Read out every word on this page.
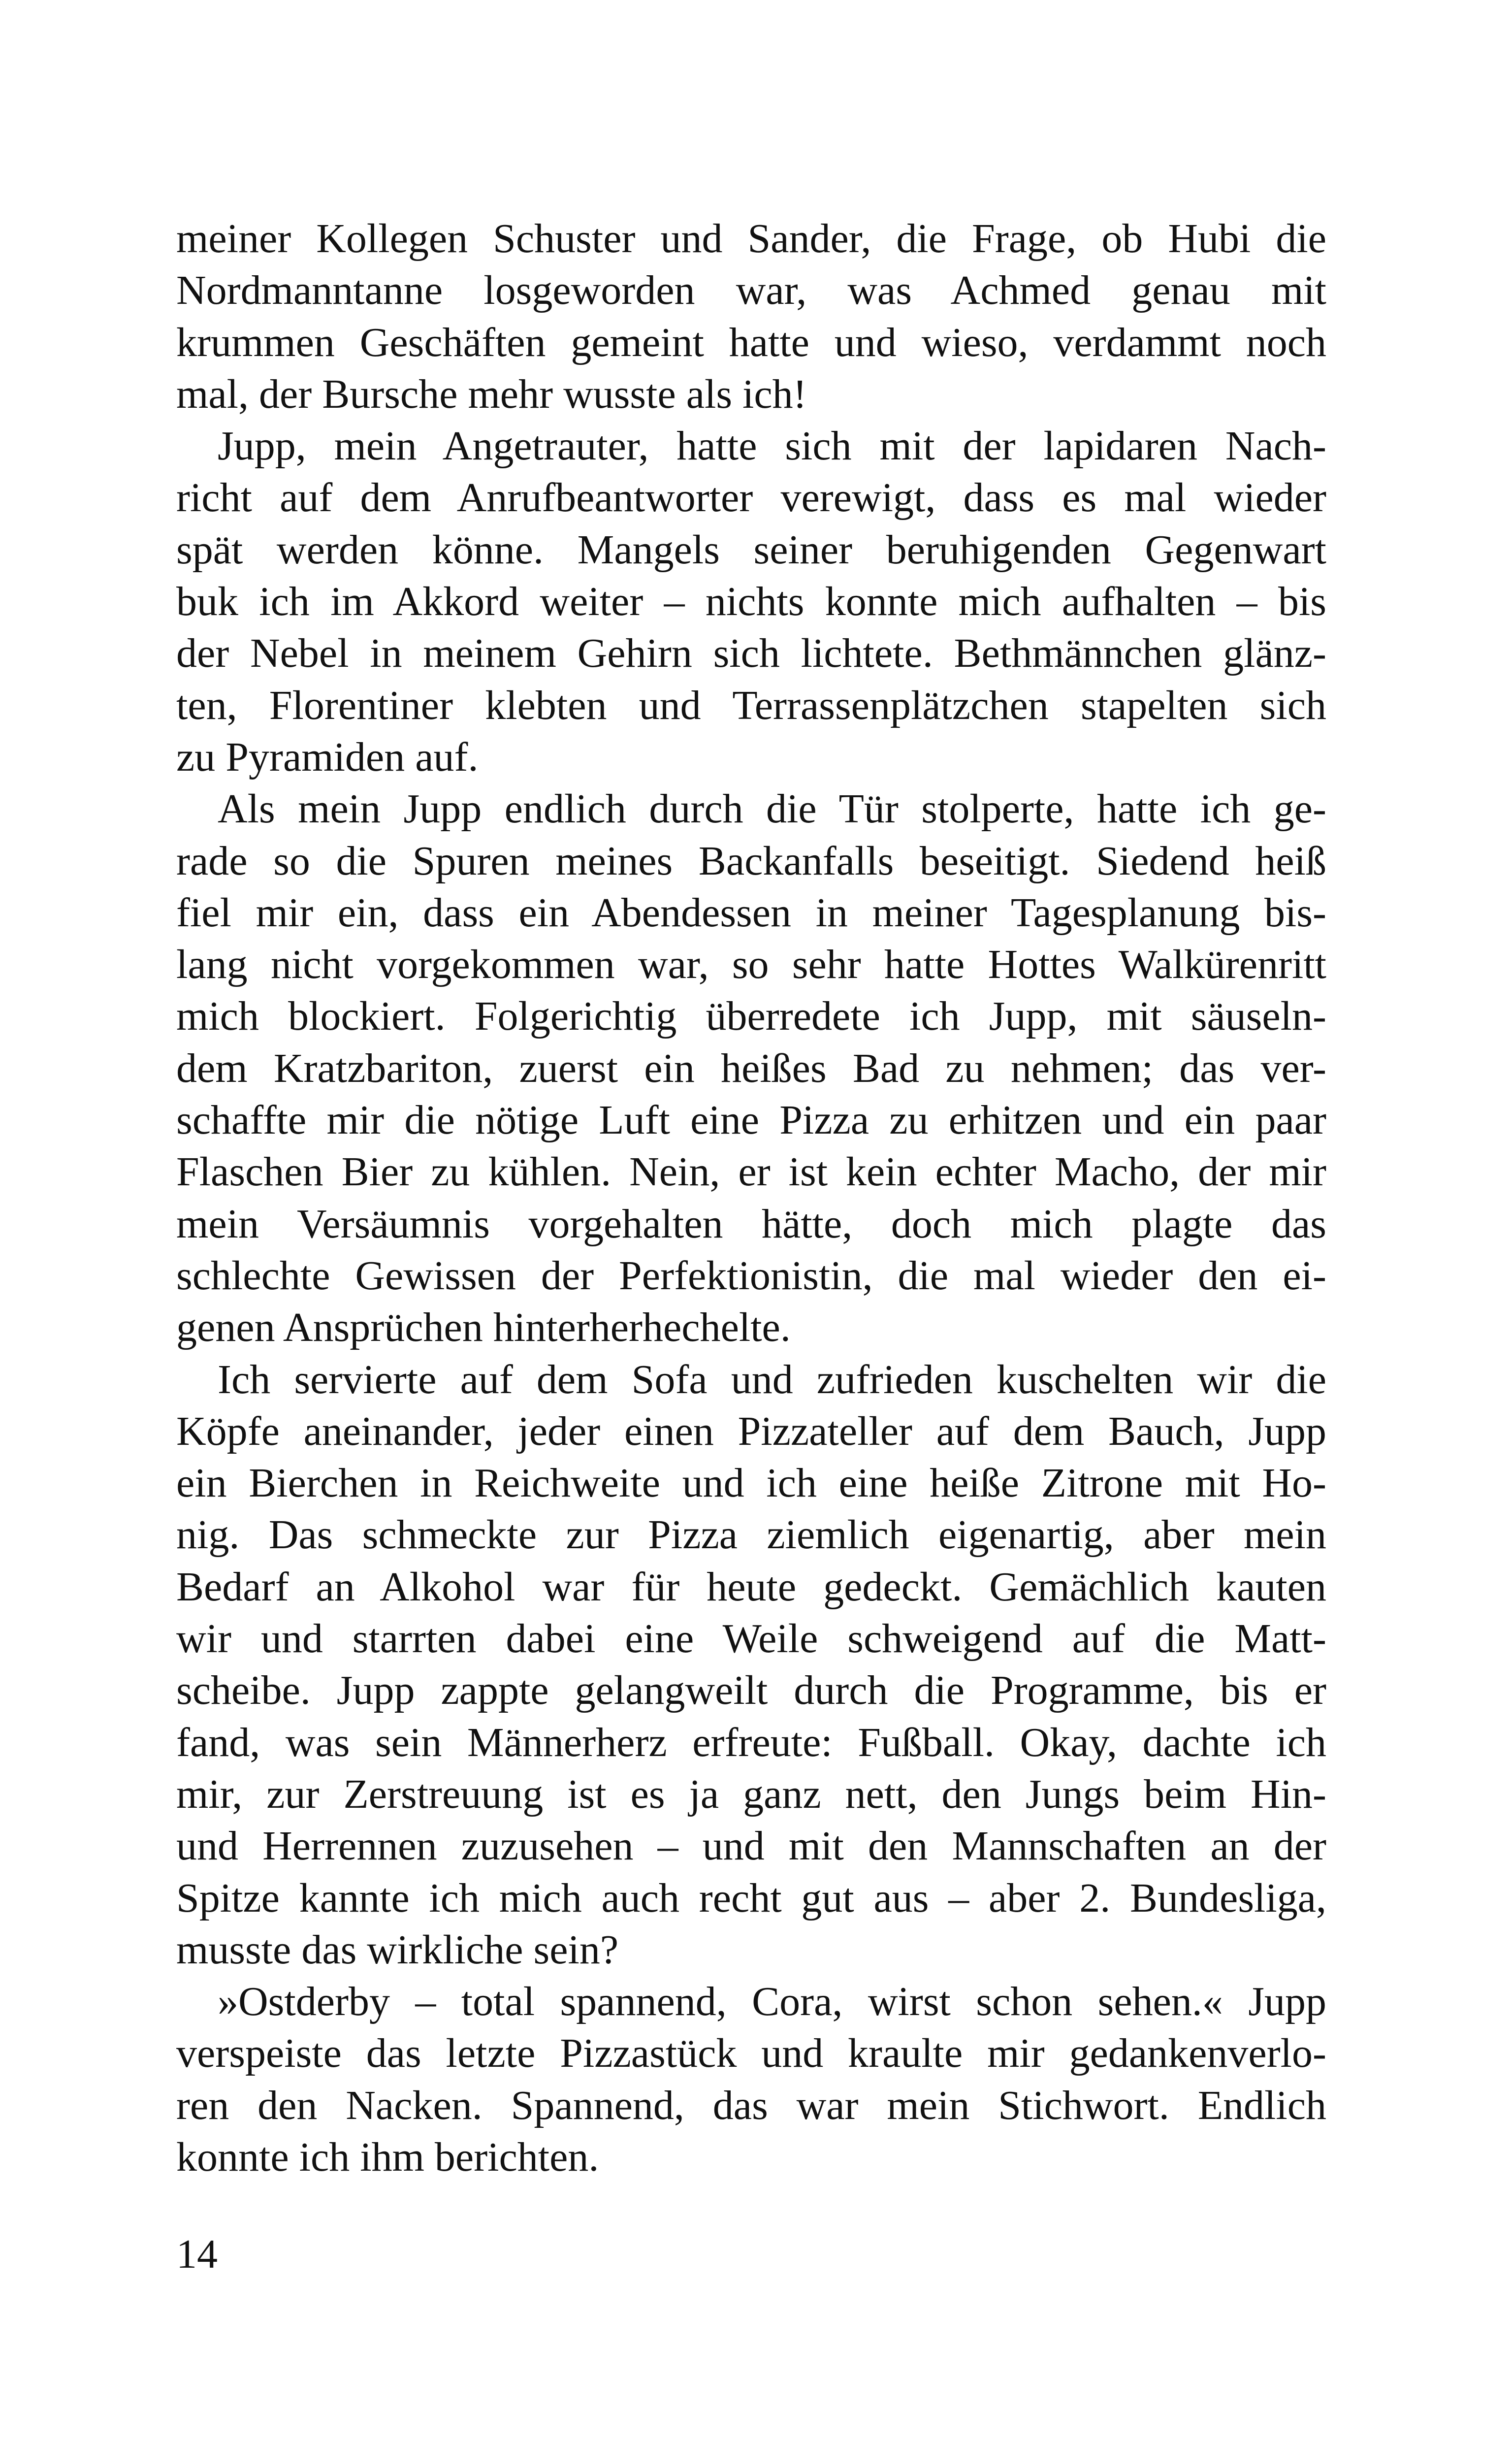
meiner Kollegen Schuster und Sander, die Frage, ob Hubi die
Nordmanntanne losgeworden war, was Achmed genau mit
krummen Geschäften gemeint hatte und wieso, verdammt noch
mal, der Bursche mehr wusste als ich!
Jupp, mein Angetrauter, hatte sich mit der lapidaren Nach-
richt auf dem Anrufbeantworter verewigt, dass es mal wieder
spät werden könne. Mangels seiner beruhigenden Gegenwart
buk ich im Akkord weiter – nichts konnte mich aufhalten – bis
der Nebel in meinem Gehirn sich lichtete. Bethmännchen glänz-
ten, Florentiner klebten und Terrassenplätzchen stapelten sich
zu Pyramiden auf.
Als mein Jupp endlich durch die Tür stolperte, hatte ich ge-
rade so die Spuren meines Backanfalls beseitigt. Siedend heiß
fiel mir ein, dass ein Abendessen in meiner Tagesplanung bis-
lang nicht vorgekommen war, so sehr hatte Hottes Walkürenritt
mich blockiert. Folgerichtig überredete ich Jupp, mit säuseln-
dem Kratzbariton, zuerst ein heißes Bad zu nehmen; das ver-
schaffte mir die nötige Luft eine Pizza zu erhitzen und ein paar
Flaschen Bier zu kühlen. Nein, er ist kein echter Macho, der mir
mein Versäumnis vorgehalten hätte, doch mich plagte das
schlechte Gewissen der Perfektionistin, die mal wieder den ei-
genen Ansprüchen hinterherhechelte.
Ich servierte auf dem Sofa und zufrieden kuschelten wir die
Köpfe aneinander, jeder einen Pizzateller auf dem Bauch, Jupp
ein Bierchen in Reichweite und ich eine heiße Zitrone mit Ho-
nig. Das schmeckte zur Pizza ziemlich eigenartig, aber mein
Bedarf an Alkohol war für heute gedeckt. Gemächlich kauten
wir und starrten dabei eine Weile schweigend auf die Matt-
scheibe. Jupp zappte gelangweilt durch die Programme, bis er
fand, was sein Männerherz erfreute: Fußball. Okay, dachte ich
mir, zur Zerstreuung ist es ja ganz nett, den Jungs beim Hin-
und Herrennen zuzusehen – und mit den Mannschaften an der
Spitze kannte ich mich auch recht gut aus – aber 2. Bundesliga,
musste das wirkliche sein?
»Ostderby – total spannend, Cora, wirst schon sehen.« Jupp
verspeiste das letzte Pizzastück und kraulte mir gedankenverlo-
ren den Nacken. Spannend, das war mein Stichwort. Endlich
konnte ich ihm berichten.
14
